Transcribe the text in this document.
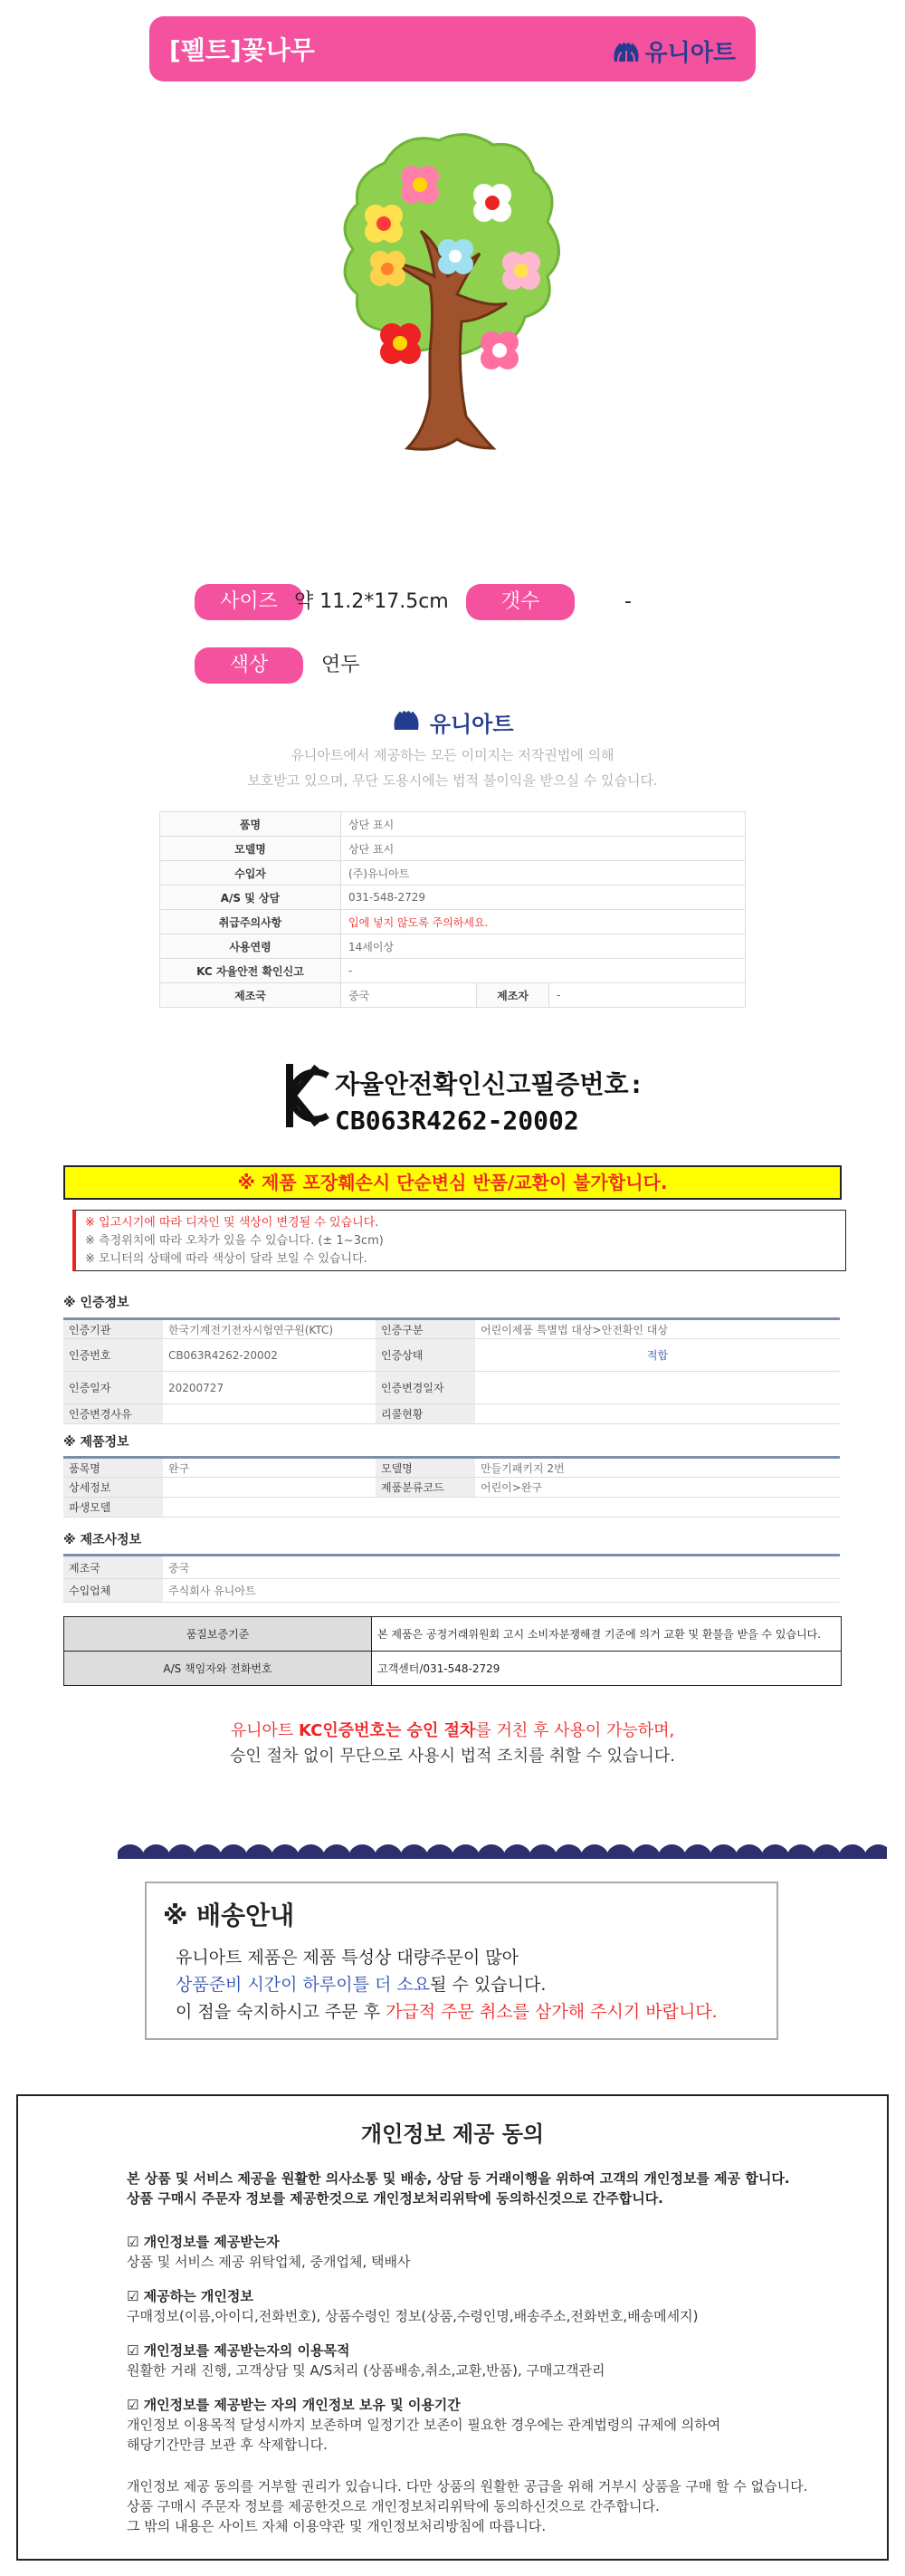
[펠트]꽃나무	유니아트
사이즈 약 11.2*17.5cm	갯수	-
색상	연두
유니아트
유니아트에서 제공하는 모든 이미지는 저작권법에 의해
보호받고 있으며, 무단 도용시에는 법적 불이익을 받으실 수 있습니다.
품명	상단 표시		
모델명	상단 표시		
수입자	(주)유니아트		
A/S 및 상담	031-548-2729		
취급주의사항	입에 넣지 않도록 주의하세요.		
사용연령	14세이상		
KC 자율안전 확인신고	-		
제조국	중국	제조자	-
자율안전확인신고필증번호:
CB063R4262-20002
※ 제품 포장훼손시 단순변심 반품/교환이 불가합니다.
※ 입고시기에 따라 디자인 및 색상이 변경될 수 있습니다.
※ 측정위치에 따라 오차가 있을 수 있습니다. (± 1~3cm)
※ 모니터의 상태에 따라 색상이 달라 보일 수 있습니다.
※ 인증정보
인증기관	한국기계전기전자시험연구원(KTC)	인증구분	어린이제품 특별법 대상>안전확인 대상
인증번호	CB063R4262-20002	인증상태	적합
인증일자	20200727	인증변경일자	
인증변경사유		리콜현황	
※ 제품정보
품목명	완구	모델명	만들기패키지 2번
상세정보		제품분류코드	어린이>완구
파생모델			
※ 제조사정보
제조국	중국		
수입업체	주식회사 유니아트		
품질보증기준	본 제품은 공정거래위원회 고시 소비자분쟁해결 기준에 의거 교환 및 환불을 받을 수 있습니다.
A/S 책임자와 전화번호	고객센터/031-548-2729
유니아트 KC인증번호는 승인 절차를 거친 후 사용이 가능하며,
승인 절차 없이 무단으로 사용시 법적 조치를 취할 수 있습니다.
※ 배송안내
유니아트 제품은 제품 특성상 대량주문이 많아
상품준비 시간이 하루이틀 더 소요될 수 있습니다.
이 점을 숙지하시고 주문 후 가급적 주문 취소를 삼가해 주시기 바랍니다.
개인정보 제공 동의
본 상품 및 서비스 제공을 원활한 의사소통 및 배송, 상담 등 거래이행을 위하여 고객의 개인정보를 제공 합니다.
상품 구매시 주문자 정보를 제공한것으로 개인정보처리위탁에 동의하신것으로 간주합니다.
☑ 개인정보를 제공받는자
상품 및 서비스 제공 위탁업체, 중개업체, 택배사
☑ 제공하는 개인정보
구매정보(이름,아이디,전화번호), 상품수령인 정보(상품,수령인명,배송주소,전화번호,배송메세지)
☑ 개인정보를 제공받는자의 이용목적
원활한 거래 진행, 고객상담 및 A/S처리 (상품배송,취소,교환,반품), 구매고객관리
☑ 개인정보를 제공받는 자의 개인정보 보유 및 이용기간
개인정보 이용목적 달성시까지 보존하며 일정기간 보존이 필요한 경우에는 관계법령의 규제에 의하여
해당기간만큼 보관 후 삭제합니다.
개인정보 제공 동의를 거부할 권리가 있습니다. 다만 상품의 원활한 공급을 위해 거부시 상품을 구매 할 수 없습니다.
상품 구매시 주문자 정보를 제공한것으로 개인정보처리위탁에 동의하신것으로 간주합니다.
그 밖의 내용은 사이트 자체 이용약관 및 개인정보처리방침에 따릅니다.
